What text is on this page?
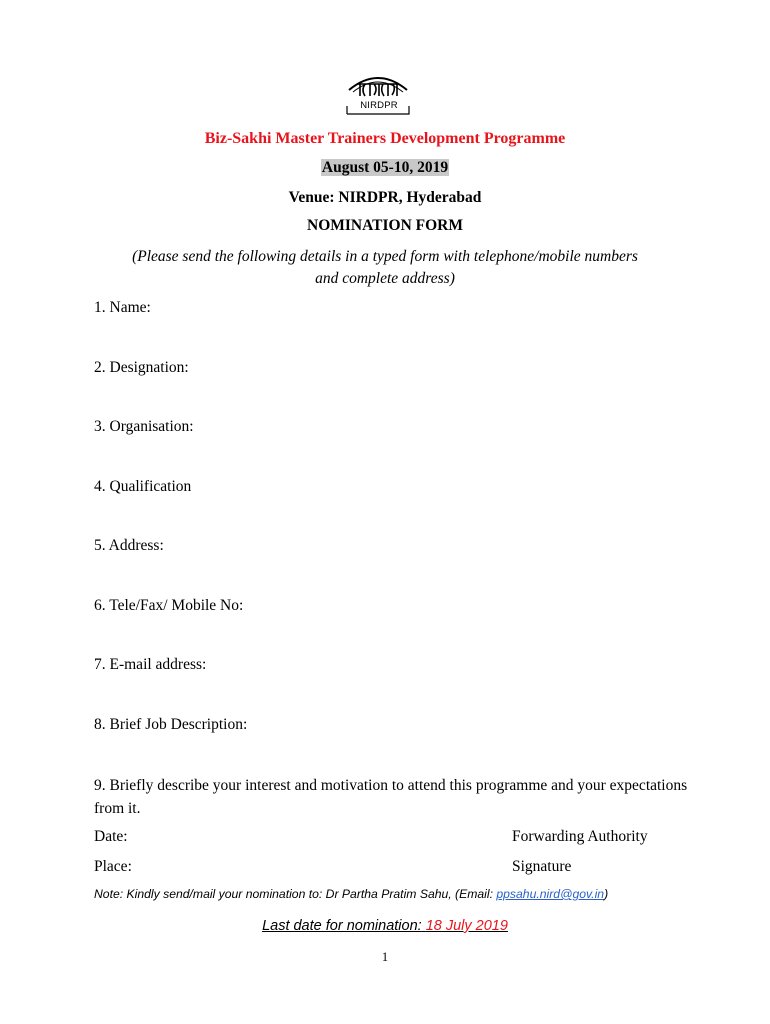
NIRDPR
Biz-Sakhi Master Trainers Development Programme
August 05-10, 2019
Venue: NIRDPR, Hyderabad
NOMINATION FORM
(Please send the following details in a typed form with telephone/mobile numbers
and complete address)
1. Name:
2. Designation:
3. Organisation:
4. Qualification
5. Address:
6. Tele/Fax/ Mobile No:
7. E-mail address:
8. Brief Job Description:
9. Briefly describe your interest and motivation to attend this programme and your expectations from it.
Date:	Forwarding Authority
Place:	Signature
Note: Kindly send/mail your nomination to: Dr Partha Pratim Sahu, (Email: ppsahu.nird@gov.in)
Last date for nomination: 18 July 2019
1
